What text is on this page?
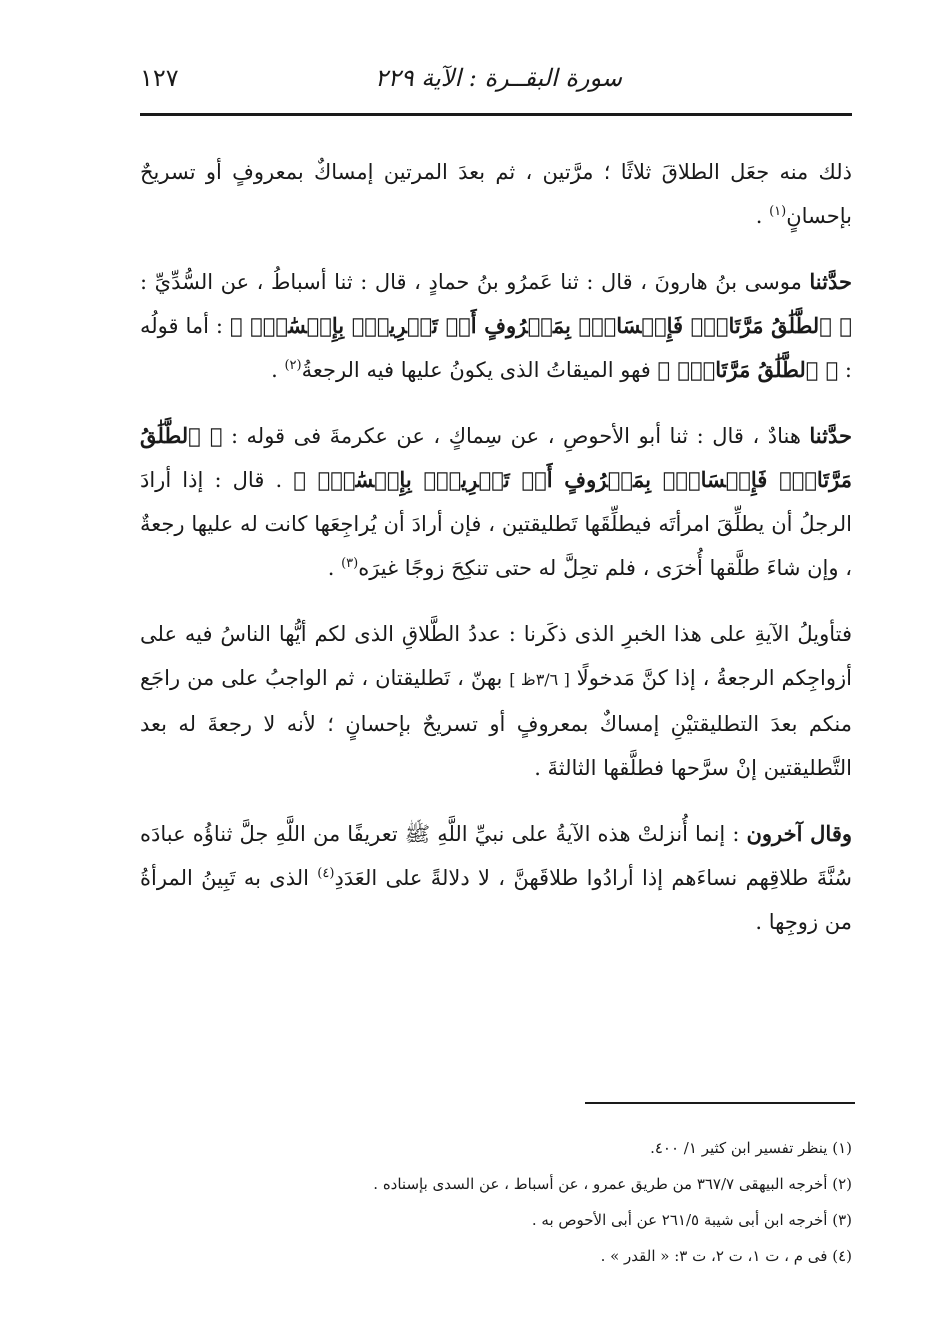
سورة البقــرة : الآية ٢٢٩
١٢٧

ذلك منه جعَل الطلاقَ ثلاثًا ؛ مرَّتين ، ثم بعدَ المرتين إمساكٌ بمعروفٍ أو تسريحٌ بإحسانٍ$^{(١)}$ .

حدَّثنا موسى بنُ هارونَ ، قال : ثنا عَمرُو بنُ حمادٍ ، قال : ثنا أسباطُ ، عن السُّدِّيِّ : ﴿ ٱلطَّلَٰقُ مَرَّتَانِۖ فَإِمۡسَاكُۢ بِمَعۡرُوفٍ أَوۡ تَسۡرِيحُۢ بِإِحۡسَٰنٖۗ ﴾ : أما قولُه : ﴿ ٱلطَّلَٰقُ مَرَّتَانِۖ ﴾ فهو الميقاتُ الذى يكونُ عليها فيه الرجعةُ$^{(٢)}$ .

حدَّثنا هنادٌ ، قال : ثنا أبو الأحوصِ ، عن سِماكٍ ، عن عكرمةَ فى قوله : ﴿ ٱلطَّلَٰقُ مَرَّتَانِۖ فَإِمۡسَاكُۢ بِمَعۡرُوفٍ أَوۡ تَسۡرِيحُۢ بِإِحۡسَٰنٖۗ ﴾ . قال : إذا أرادَ الرجلُ أن يطلِّقَ امرأتَه فيطلِّقَها تَطليقتين ، فإن أرادَ أن يُراجِعَها كانت له عليها رجعةٌ ، وإن شاءَ طلَّقها أُخرَى ، فلم تحِلَّ له حتى تنكِحَ زوجًا غيرَه$^{(٣)}$ .

فتأويلُ الآيةِ على هذا الخبرِ الذى ذكَرنا : عددُ الطَّلاقِ الذى لكم أيُّها الناسُ فيه على أزواجِكم الرجعةُ ، إذا كنَّ مَدخولًا [ ٣/٦ظ ] بهنّ ، تَطليقتان ، ثم الواجبُ على من راجَع منكم بعدَ التطليقتيْنِ إمساكٌ بمعروفٍ أو تسريحٌ بإحسانٍ ؛ لأنه لا رجعةَ له بعد التَّطليقتين إنْ سرَّحها فطلَّقها الثالثةَ .

وقال آخرون : إنما أُنزلتْ هذه الآيةُ على نبيِّ اللَّهِ ﷺ تعريفًا من اللَّهِ جلَّ ثناؤُه عبادَه سُنَّةَ طلاقِهم نساءَهم إذا أرادُوا طلاقَهنَّ ، لا دلالةً على العَدَدِ$^{(٤)}$ الذى به تَبِينُ المرأةُ من زوجِها .

(١) ينظر تفسير ابن كثير ١/ ٤٠٠.

(٢) أخرجه البيهقى ٣٦٧/٧ من طريق عمرو ، عن أسباط ، عن السدى بإسناده .

(٣) أخرجه ابن أبى شيبة ٢٦١/٥ عن أبى الأحوص به .

(٤) فى م ، ت ١، ت ٢، ت ٣: « القدر » .
